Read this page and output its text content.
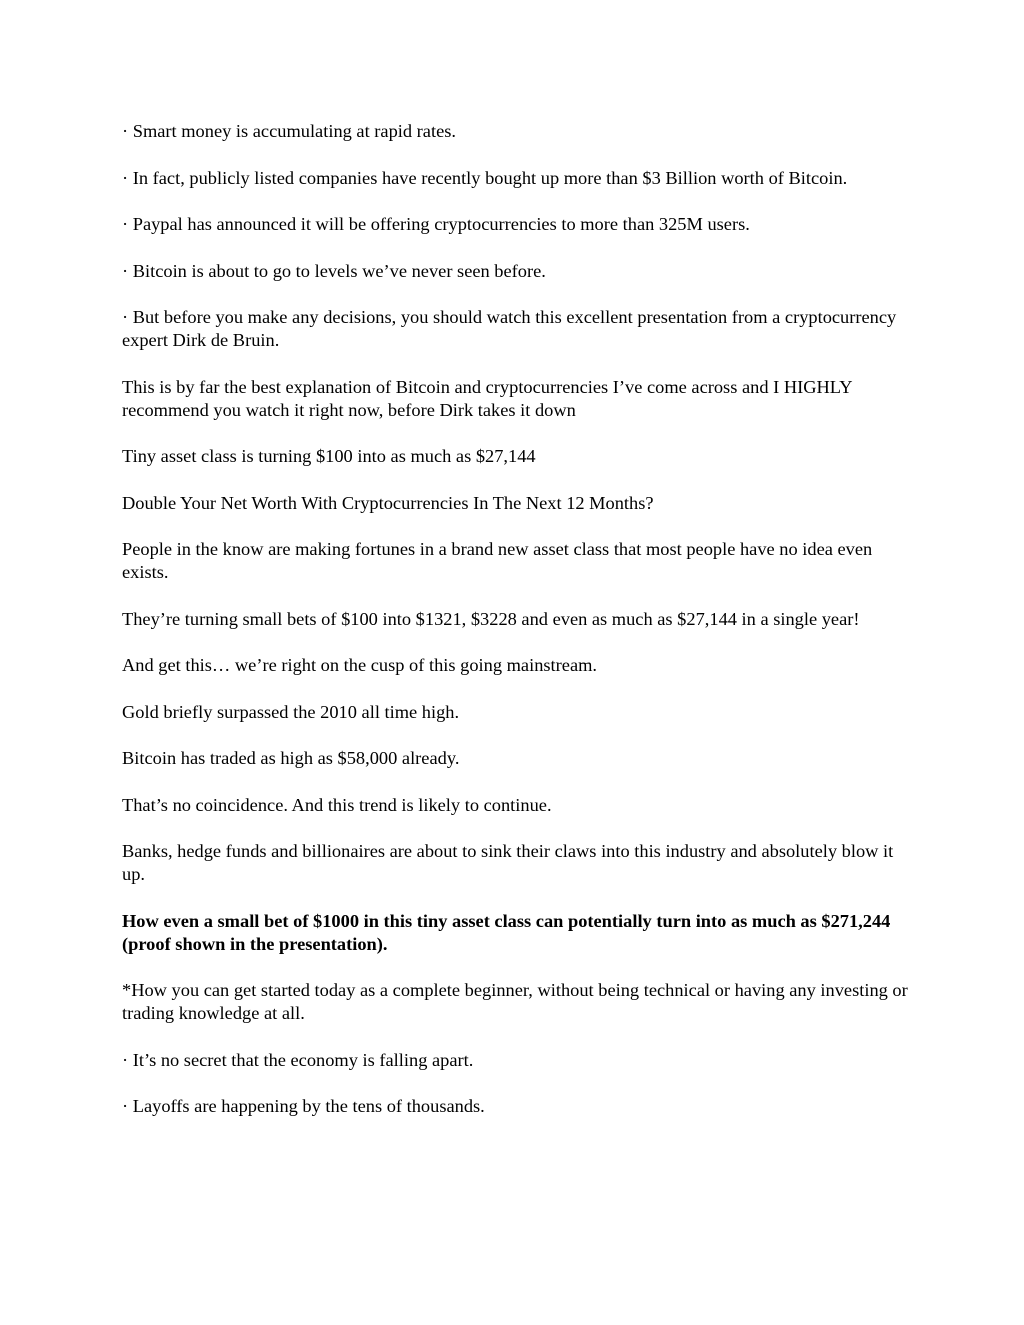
· Smart money is accumulating at rapid rates.

· In fact, publicly listed companies have recently bought up more than $3 Billion worth of Bitcoin.

· Paypal has announced it will be offering cryptocurrencies to more than 325M users.

· Bitcoin is about to go to levels we’ve never seen before.

· But before you make any decisions, you should watch this excellent presentation from a cryptocurrency expert Dirk de Bruin.

This is by far the best explanation of Bitcoin and cryptocurrencies I’ve come across and I HIGHLY recommend you watch it right now, before Dirk takes it down

Tiny asset class is turning $100 into as much as $27,144

Double Your Net Worth With Cryptocurrencies In The Next 12 Months?

People in the know are making fortunes in a brand new asset class that most people have no idea even exists.

They’re turning small bets of $100 into $1321, $3228 and even as much as $27,144 in a single year!

And get this… we’re right on the cusp of this going mainstream.

Gold briefly surpassed the 2010 all time high.

Bitcoin has traded as high as $58,000 already.

That’s no coincidence. And this trend is likely to continue.

Banks, hedge funds and billionaires are about to sink their claws into this industry and absolutely blow it up.

How even a small bet of $1000 in this tiny asset class can potentially turn into as much as $271,244 (proof shown in the presentation).

*How you can get started today as a complete beginner, without being technical or having any investing or trading knowledge at all.

· It’s no secret that the economy is falling apart.

· Layoffs are happening by the tens of thousands.
